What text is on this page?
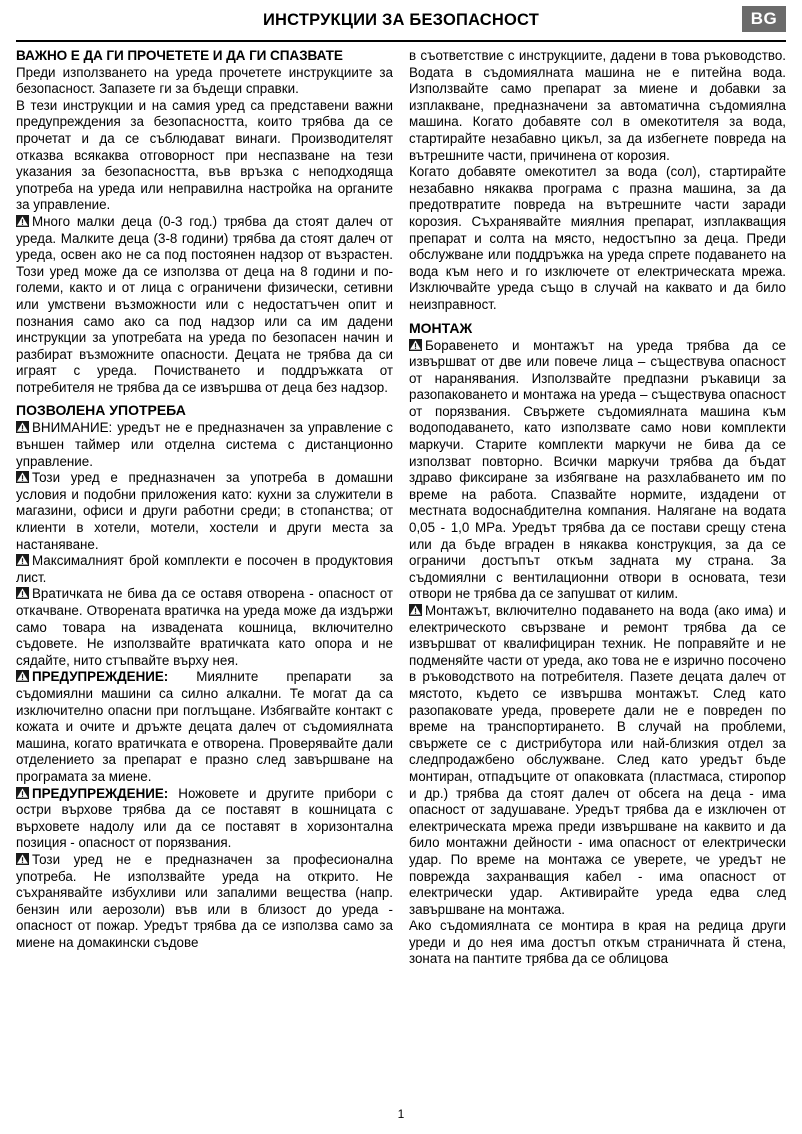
ИНСТРУКЦИИ ЗА БЕЗОПАСНОСТ	BG
ВАЖНО Е ДА ГИ ПРОЧЕТЕТЕ И ДА ГИ СПАЗВАТЕ

Преди използването на уреда прочетете инструкциите за безопасност. Запазете ги за бъдещи справки.

В тези инструкции и на самия уред са представени важни предупреждения за безопасността, които трябва да се прочетат и да се съблюдават винаги. Производителят отказва всякаква отговорност при неспазване на тези указания за безопасността, във връзка с неподходяща употреба на уреда или неправилна настройка на органите за управление.

Много малки деца (0-3 год.) трябва да стоят далеч от уреда. Малките деца (3-8 години) трябва да стоят далеч от уреда, освен ако не са под постоянен надзор от възрастен. Този уред може да се използва от деца на 8 години и по-големи, както и от лица с ограничени физически, сетивни или умствени възможности или с недостатъчен опит и познания само ако са под надзор или са им дадени инструкции за употребата на уреда по безопасен начин и разбират възможните опасности. Децата не трябва да си играят с уреда. Почистването и поддръжката от потребителя не трябва да се извършва от деца без надзор.

ПОЗВОЛЕНА УПОТРЕБА

ВНИМАНИЕ: уредът не е предназначен за управление с външен таймер или отделна система с дистанционно управление.

Този уред е предназначен за употреба в домашни условия и подобни приложения като: кухни за служители в магазини, офиси и други работни среди; в стопанства; от клиенти в хотели, мотели, хостели и други места за настаняване.

Максималният брой комплекти е посочен в продуктовия лист.

Вратичката не бива да се оставя отворена - опасност от откачване. Отворената вратичка на уреда може да издържи само товара на извадената кошница, включително съдовете. Не използвайте вратичката като опора и не сядайте, нито стъпвайте върху нея.

ПРЕДУПРЕЖДЕНИЕ: Миялните препарати за съдомиялни машини са силно алкални. Те могат да са изключително опасни при поглъщане. Избягвайте контакт с кожата и очите и дръжте децата далеч от съдомиялната машина, когато вратичката е отворена. Проверявайте дали отделението за препарат е празно след завършване на програмата за миене.

ПРЕДУПРЕЖДЕНИЕ: Ножовете и другите прибори с остри върхове трябва да се поставят в кошницата с върховете надолу или да се поставят в хоризонтална позиция - опасност от порязвания.

Този уред не е предназначен за професионална употреба. Не използвайте уреда на открито. Не съхранявайте избухливи или запалими вещества (напр. бензин или аерозоли) във или в близост до уреда - опасност от пожар. Уредът трябва да се използва само за миене на домакински съдове

в съответствие с инструкциите, дадени в това ръководство. Водата в съдомиялната машина не е питейна вода. Използвайте само препарат за миене и добавки за изплакване, предназначени за автоматична съдомиялна машина. Когато добавяте сол в омекотителя за вода, стартирайте незабавно цикъл, за да избегнете повреда на вътрешните части, причинена от корозия.

Когато добавяте омекотител за вода (сол), стартирайте незабавно някаква програма с празна машина, за да предотвратите повреда на вътрешните части заради корозия. Съхранявайте миялния препарат, изплакващия препарат и солта на място, недостъпно за деца. Преди обслужване или поддръжка на уреда спрете подаването на вода към него и го изключете от електрическата мрежа. Изключвайте уреда също в случай на каквато и да било неизправност.

МОНТАЖ

Боравенето и монтажът на уреда трябва да се извършват от две или повече лица – съществува опасност от наранявания. Използвайте предпазни ръкавици за разопаковането и монтажа на уреда – съществува опасност от порязвания. Свържете съдомиялната машина към водоподаването, като използвате само нови комплекти маркучи. Старите комплекти маркучи не бива да се използват повторно. Всички маркучи трябва да бъдат здраво фиксиране за избягване на разхлабването им по време на работа. Спазвайте нормите, издадени от местната водоснабдителна компания. Налягане на водата 0,05 - 1,0 MPa. Уредът трябва да се постави срещу стена или да бъде вграден в някаква конструкция, за да се ограничи достъпът откъм задната му страна. За съдомиялни с вентилационни отвори в основата, тези отвори не трябва да се запушват от килим.

Монтажът, включително подаването на вода (ако има) и електрическото свързване и ремонт трябва да се извършват от квалифициран техник. Не поправяйте и не подменяйте части от уреда, ако това не е изрично посочено в ръководството на потребителя. Пазете децата далеч от мястото, където се извършва монтажът. След като разопаковате уреда, проверете дали не е повреден по време на транспортирането. В случай на проблеми, свържете се с дистрибутора или най-близкия отдел за следпродажбено обслужване. След като уредът бъде монтиран, отпадъците от опаковката (пластмаса, стиропор и др.) трябва да стоят далеч от обсега на деца - има опасност от задушаване. Уредът трябва да е изключен от електрическата мрежа преди извършване на каквито и да било монтажни дейности - има опасност от електрически удар. По време на монтажа се уверете, че уредът не повреждa захранващия кабел - има опасност от електрически удар. Активирайте уреда едва след завършване на монтажа.

Ако съдомиялната се монтира в края на редица други уреди и до нея има достъп откъм страничната й стена, зоната на пантите трябва да се облицова

1
